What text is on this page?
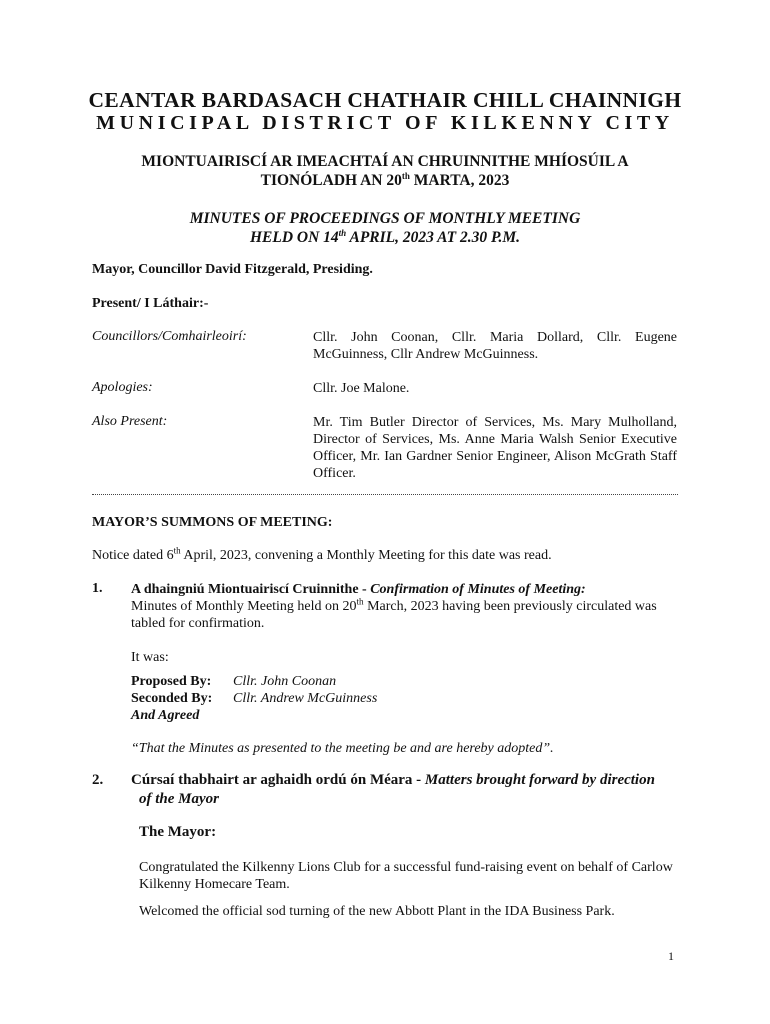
CEANTAR BARDASACH CHATHAIR CHILL CHAINNIGH
MUNICIPAL DISTRICT OF KILKENNY CITY
MIONTUAIRISCÍ AR IMEACHTAÍ AN CHRUINNITHE MHÍOSÚIL A
TIONÓLADH AN 20th MARTA, 2023
MINUTES OF PROCEEDINGS OF MONTHLY MEETING
HELD ON 14th APRIL, 2023 AT 2.30 P.M.
Mayor, Councillor David Fitzgerald, Presiding.
Present/ I Láthair:-
Councillors/Comhairleoirí:	Cllr. John Coonan, Cllr. Maria Dollard, Cllr. Eugene McGuinness, Cllr Andrew McGuinness.
Apologies:	Cllr. Joe Malone.
Also Present:	Mr. Tim Butler Director of Services, Ms. Mary Mulholland, Director of Services, Ms. Anne Maria Walsh Senior Executive Officer, Mr. Ian Gardner Senior Engineer, Alison McGrath Staff Officer.
MAYOR’S SUMMONS OF MEETING:
Notice dated 6th April, 2023, convening a Monthly Meeting for this date was read.
1. A dhaingniú Miontuairiscí Cruinnithe - Confirmation of Minutes of Meeting:
Minutes of Monthly Meeting held on 20th March, 2023 having been previously circulated was tabled for confirmation.
It was:
Proposed By: Cllr. John Coonan
Seconded By: Cllr. Andrew McGuinness
And Agreed
“That the Minutes as presented to the meeting be and are hereby adopted”.
2. Cúrsaí thabhairt ar aghaidh ordú ón Méara - Matters brought forward by direction
of the Mayor
The Mayor:
Congratulated the Kilkenny Lions Club for a successful fund-raising event on behalf of Carlow Kilkenny Homecare Team.
Welcomed the official sod turning of the new Abbott Plant in the IDA Business Park.
1
